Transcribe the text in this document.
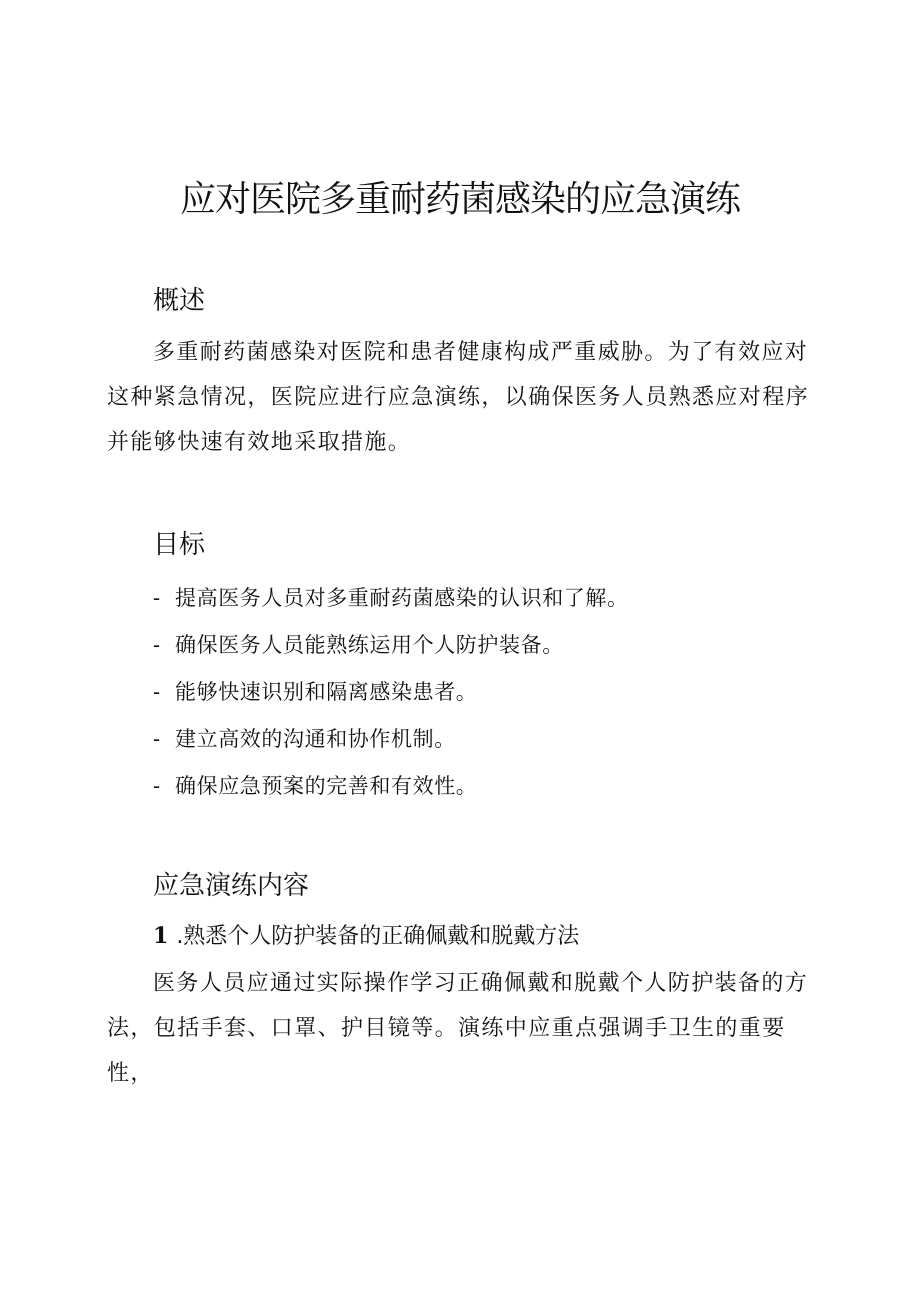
应对医院多重耐药菌感染的应急演练
概述

多重耐药菌感染对医院和患者健康构成严重威胁。为了有效应对这种紧急情况，医院应进行应急演练，以确保医务人员熟悉应对程序并能够快速有效地采取措施。

目标
- 提高医务人员对多重耐药菌感染的认识和了解。
- 确保医务人员能熟练运用个人防护装备。
- 能够快速识别和隔离感染患者。
- 建立高效的沟通和协作机制。
- 确保应急预案的完善和有效性。
应急演练内容
1 .熟悉个人防护装备的正确佩戴和脱戴方法

医务人员应通过实际操作学习正确佩戴和脱戴个人防护装备的方法，包括手套、口罩、护目镜等。演练中应重点强调手卫生的重要性，
